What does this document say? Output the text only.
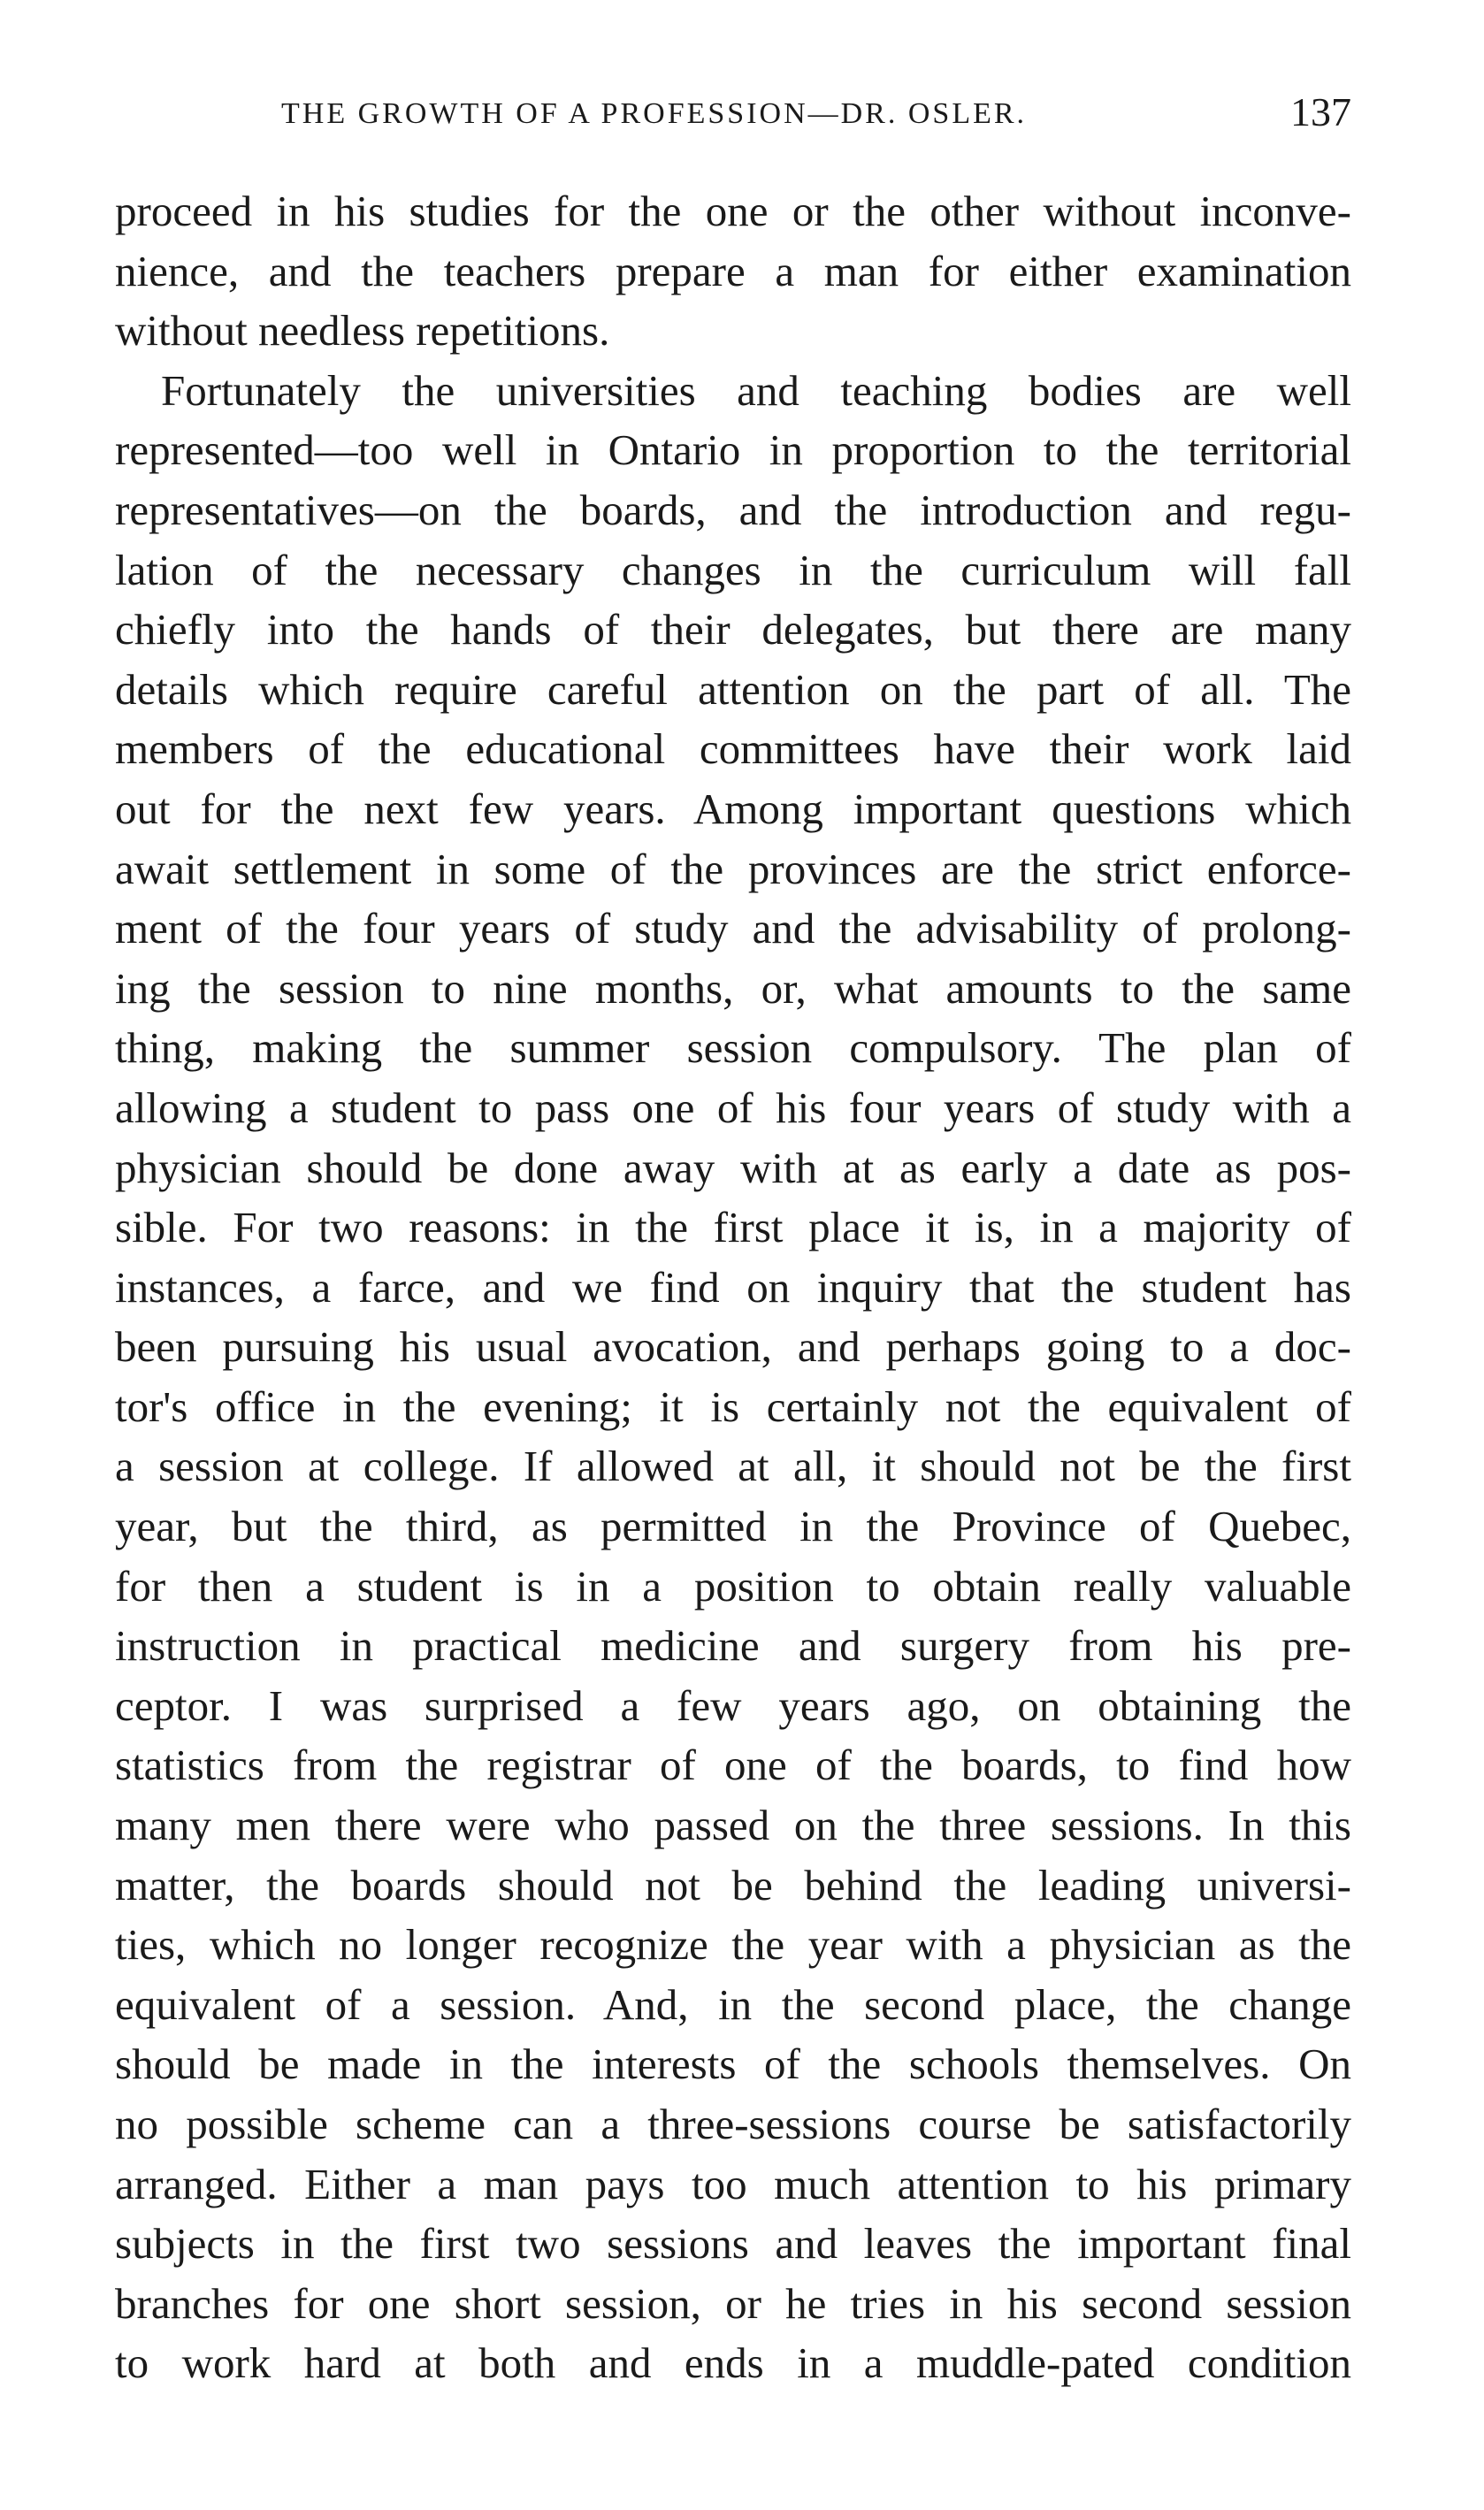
THE GROWTH OF A PROFESSION—DR. OSLER.	137
proceed in his studies for the one or the other without inconve-
nience, and the teachers prepare a man for either examination
without needless repetitions.
Fortunately the universities and teaching bodies are well
represented—too well in Ontario in proportion to the territorial
representatives—on the boards, and the introduction and regu-
lation of the necessary changes in the curriculum will fall
chiefly into the hands of their delegates, but there are many
details which require careful attention on the part of all. The
members of the educational committees have their work laid
out for the next few years. Among important questions which
await settlement in some of the provinces are the strict enforce-
ment of the four years of study and the advisability of prolong-
ing the session to nine months, or, what amounts to the same
thing, making the summer session compulsory. The plan of
allowing a student to pass one of his four years of study with a
physician should be done away with at as early a date as pos-
sible. For two reasons: in the first place it is, in a majority of
instances, a farce, and we find on inquiry that the student has
been pursuing his usual avocation, and perhaps going to a doc-
tor's office in the evening; it is certainly not the equivalent of
a session at college. If allowed at all, it should not be the first
year, but the third, as permitted in the Province of Quebec,
for then a student is in a position to obtain really valuable
instruction in practical medicine and surgery from his pre-
ceptor. I was surprised a few years ago, on obtaining the
statistics from the registrar of one of the boards, to find how
many men there were who passed on the three sessions. In this
matter, the boards should not be behind the leading universi-
ties, which no longer recognize the year with a physician as the
equivalent of a session. And, in the second place, the change
should be made in the interests of the schools themselves. On
no possible scheme can a three-sessions course be satisfactorily
arranged. Either a man pays too much attention to his primary
subjects in the first two sessions and leaves the important final
branches for one short session, or he tries in his second session
to work hard at both and ends in a muddle-pated condition
